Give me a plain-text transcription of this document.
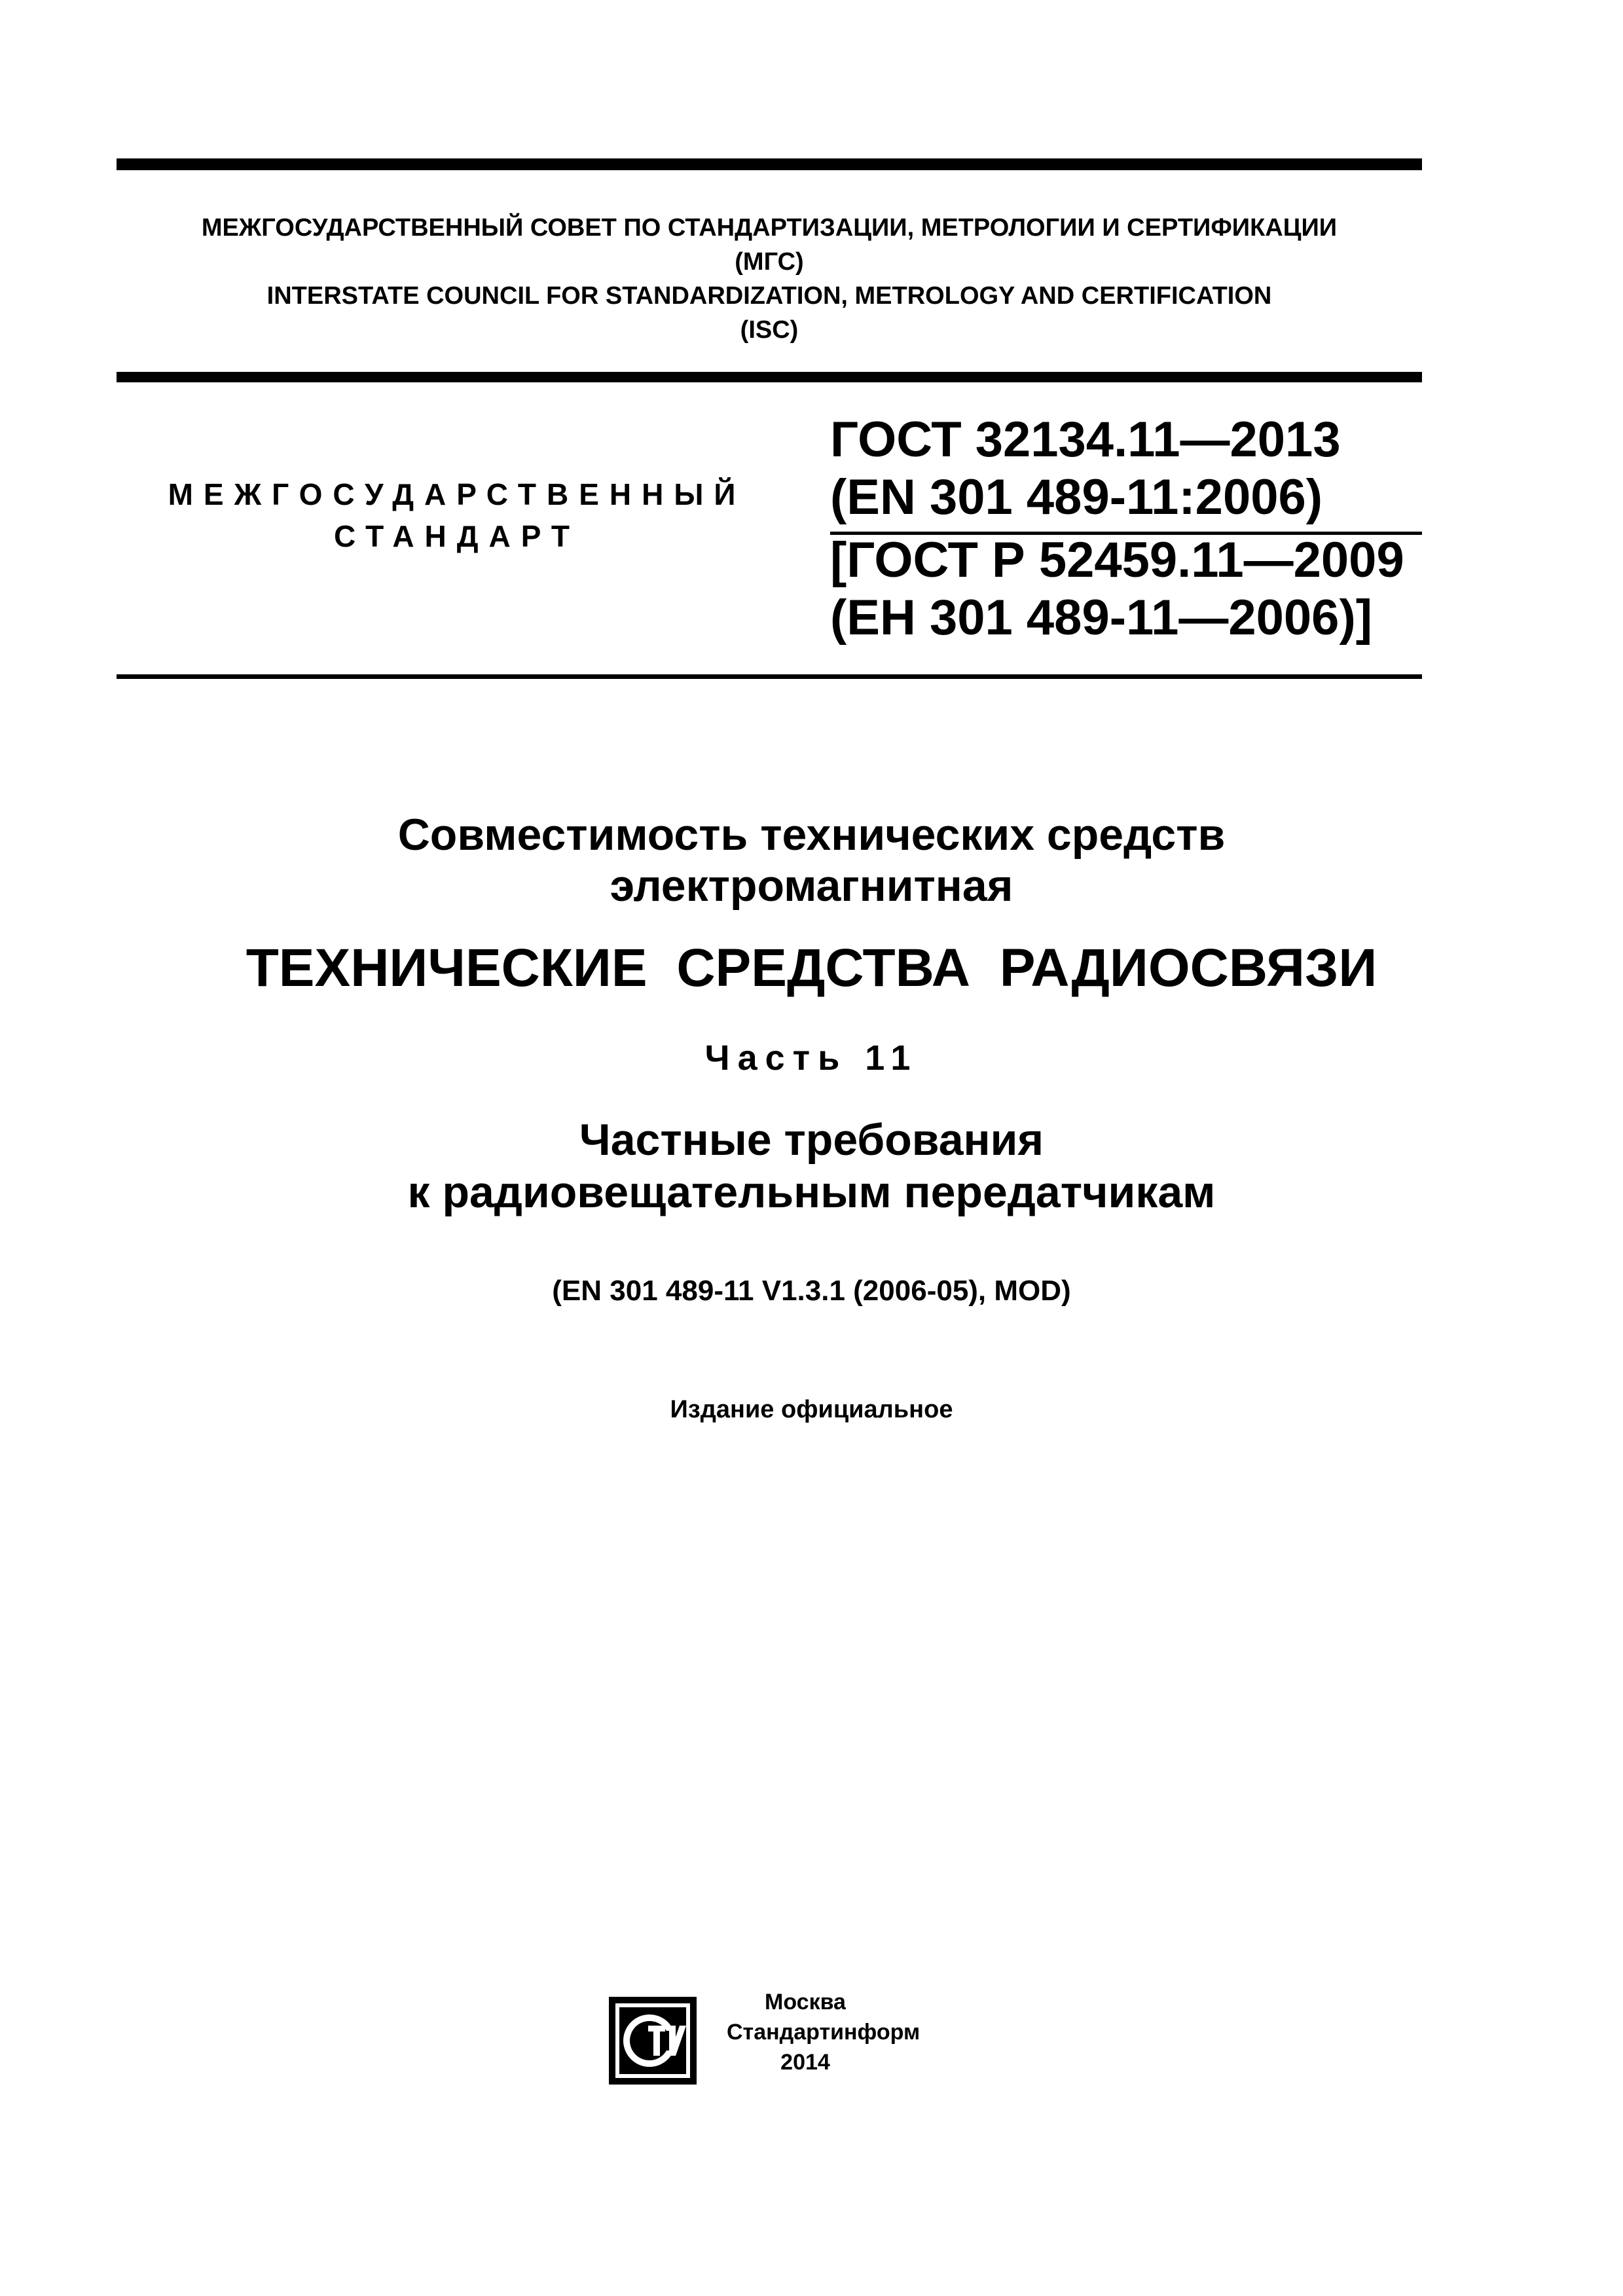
МЕЖГОСУДАРСТВЕННЫЙ СОВЕТ ПО СТАНДАРТИЗАЦИИ, МЕТРОЛОГИИ И СЕРТИФИКАЦИИ
(МГС)
INTERSTATE COUNCIL FOR STANDARDIZATION, METROLOGY AND CERTIFICATION
(ISC)
МЕЖГОСУДАРСТВЕННЫЙ
СТАНДАРТ
ГОСТ 32134.11—2013
(EN 301 489-11:2006)
[ГОСТ Р 52459.11—2009
(ЕН 301 489-11—2006)]
Совместимость технических средств
электромагнитная
ТЕХНИЧЕСКИЕ СРЕДСТВА РАДИОСВЯЗИ
Часть 11
Частные требования
к радиовещательным передатчикам
(EN 301 489-11 V1.3.1 (2006-05), MOD)
Издание официальное
Москва
Стандартинформ
2014
